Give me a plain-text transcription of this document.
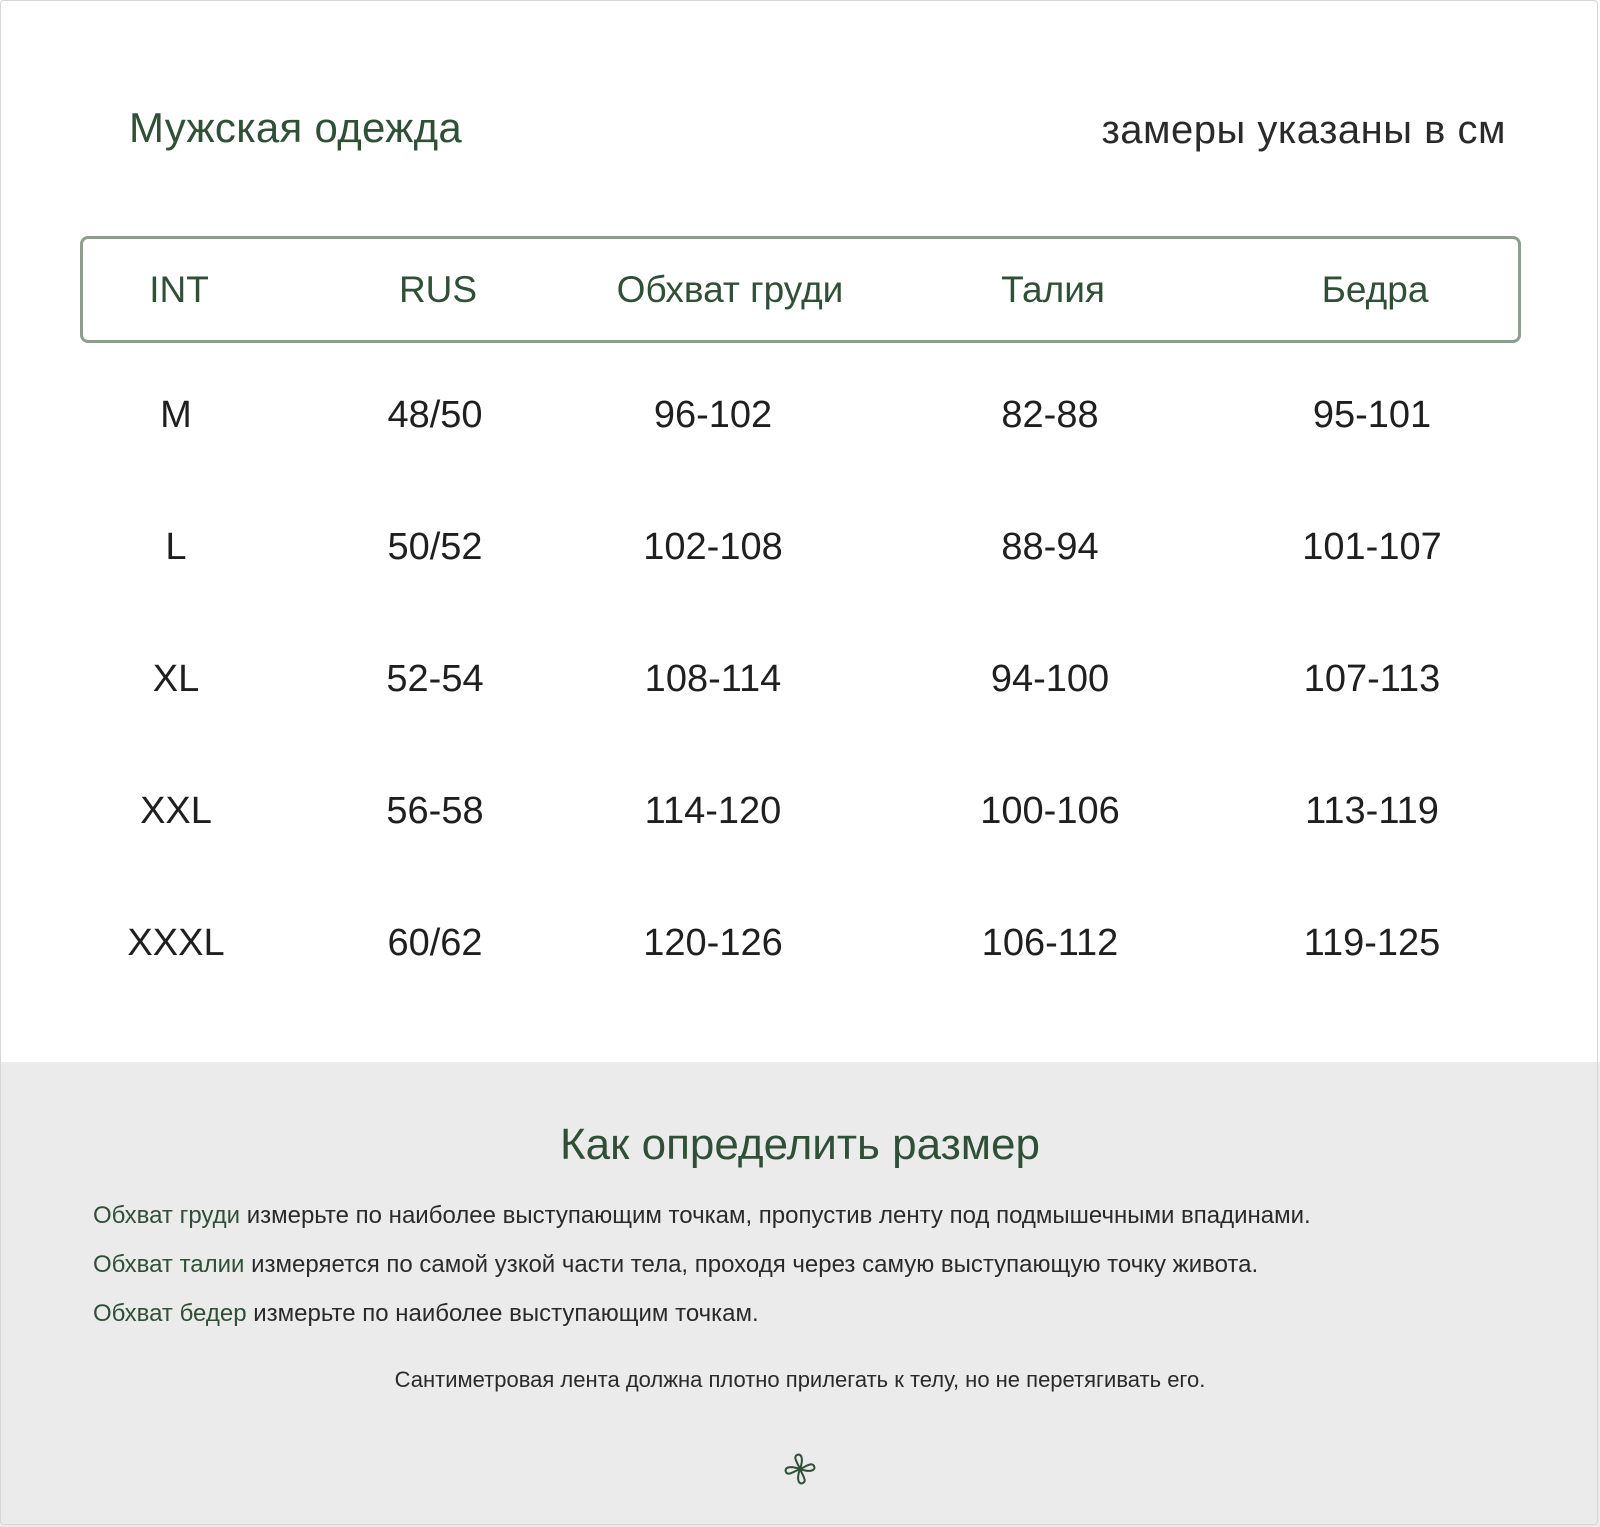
Мужская одежда	замеры указаны в см
INT	RUS	Обхват груди	Талия	Бедра
M	48/50	96-102	82-88	95-101
L	50/52	102-108	88-94	101-107
XL	52-54	108-114	94-100	107-113
XXL	56-58	114-120	100-106	113-119
XXXL	60/62	120-126	106-112	119-125
Как определить размер
Обхват груди измерьте по наиболее выступающим точкам, пропустив ленту под подмышечными впадинами.
Обхват талии измеряется по самой узкой части тела, проходя через самую выступающую точку живота.
Обхват бедер измерьте по наиболее выступающим точкам.
Сантиметровая лента должна плотно прилегать к телу, но не перетягивать его.
